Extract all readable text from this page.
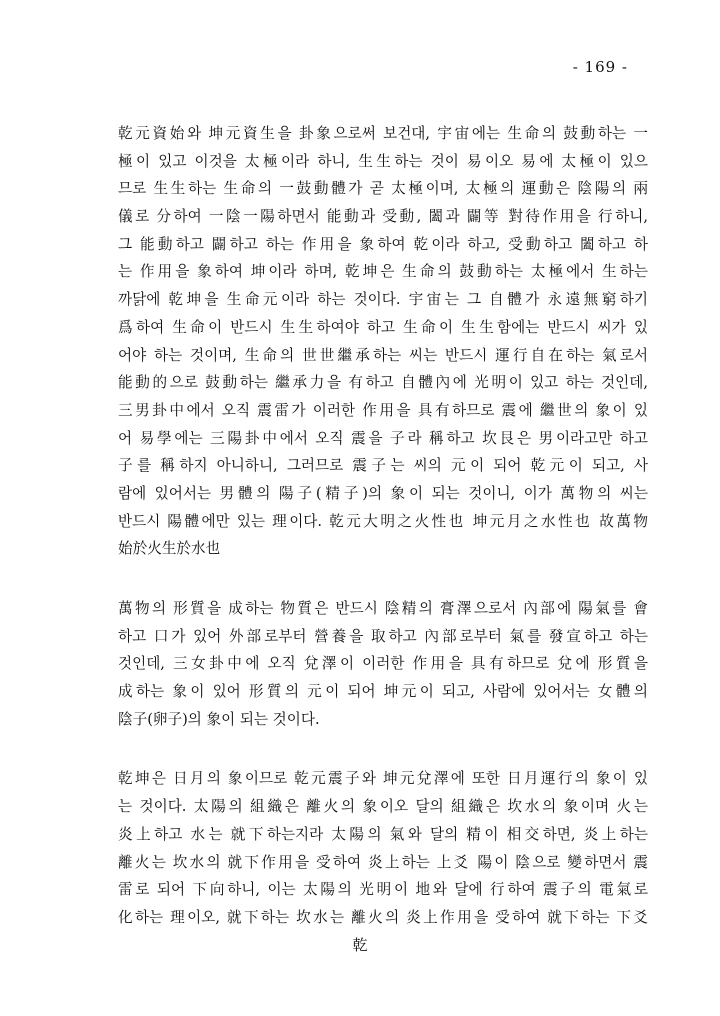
- 169 -
乾元資始와 坤元資生을 卦象으로써 보건대, 宇宙에는 生命의 鼓動하는 一
極이 있고 이것을 太極이라 하니, 生生하는 것이 易이오 易에 太極이 있으
므로 生生하는 生命의 一鼓動體가 곧 太極이며, 太極의 運動은 陰陽의 兩
儀로 分하여 一陰一陽하면서 能動과 受動, 闔과 闢等 對待作用을 行하니,
그 能動하고 闢하고 하는 作用을 象하여 乾이라 하고, 受動하고 闔하고 하
는 作用을 象하여 坤이라 하며, 乾坤은 生命의 鼓動하는 太極에서 生하는
까닭에 乾坤을 生命元이라 하는 것이다. 宇宙는 그 自體가 永遠無窮하기
爲하여 生命이 반드시 生生하여야 하고 生命이 生生함에는 반드시 씨가 있
어야 하는 것이며, 生命의 世世繼承하는 씨는 반드시 運行自在하는 氣로서
能動的으로 鼓動하는 繼承力을 有하고 自體內에 光明이 있고 하는 것인데,
三男卦中에서 오직 震雷가 이러한 作用을 具有하므로 震에 繼世의 象이 있
어 易學에는 三陽卦中에서 오직 震을 子라 稱하고 坎艮은 男이라고만 하고
子를 稱하지 아니하니, 그러므로 震子는 씨의 元이 되어 乾元이 되고, 사
람에 있어서는 男體의 陽子(精子)의 象이 되는 것이니, 이가 萬物의 씨는
반드시 陽體에만 있는 理이다. 乾元大明之火性也 坤元月之水性也 故萬物
始於火生於水也
萬物의 形質을 成하는 物質은 반드시 陰精의 膏澤으로서 內部에 陽氣를 會
하고 口가 있어 外部로부터 營養을 取하고 內部로부터 氣를 發宣하고 하는
것인데, 三女卦中에 오직 兌澤이 이러한 作用을 具有하므로 兌에 形質을
成하는 象이 있어 形質의 元이 되어 坤元이 되고, 사람에 있어서는 女體의
陰子(卵子)의 象이 되는 것이다.
乾坤은 日月의 象이므로 乾元震子와 坤元兌澤에 또한 日月運行의 象이 있
는 것이다. 太陽의 組織은 離火의 象이오 달의 組織은 坎水의 象이며 火는
炎上하고 水는 就下하는지라 太陽의 氣와 달의 精이 相交하면, 炎上하는
離火는 坎水의 就下作用을 受하여 炎上하는 上爻 陽이 陰으로 變하면서 震
雷로 되어 下向하니, 이는 太陽의 光明이 地와 달에 行하여 震子의 電氣로
化하는 理이오, 就下하는 坎水는 離火의 炎上作用을 受하여 就下하는 下爻
乾
